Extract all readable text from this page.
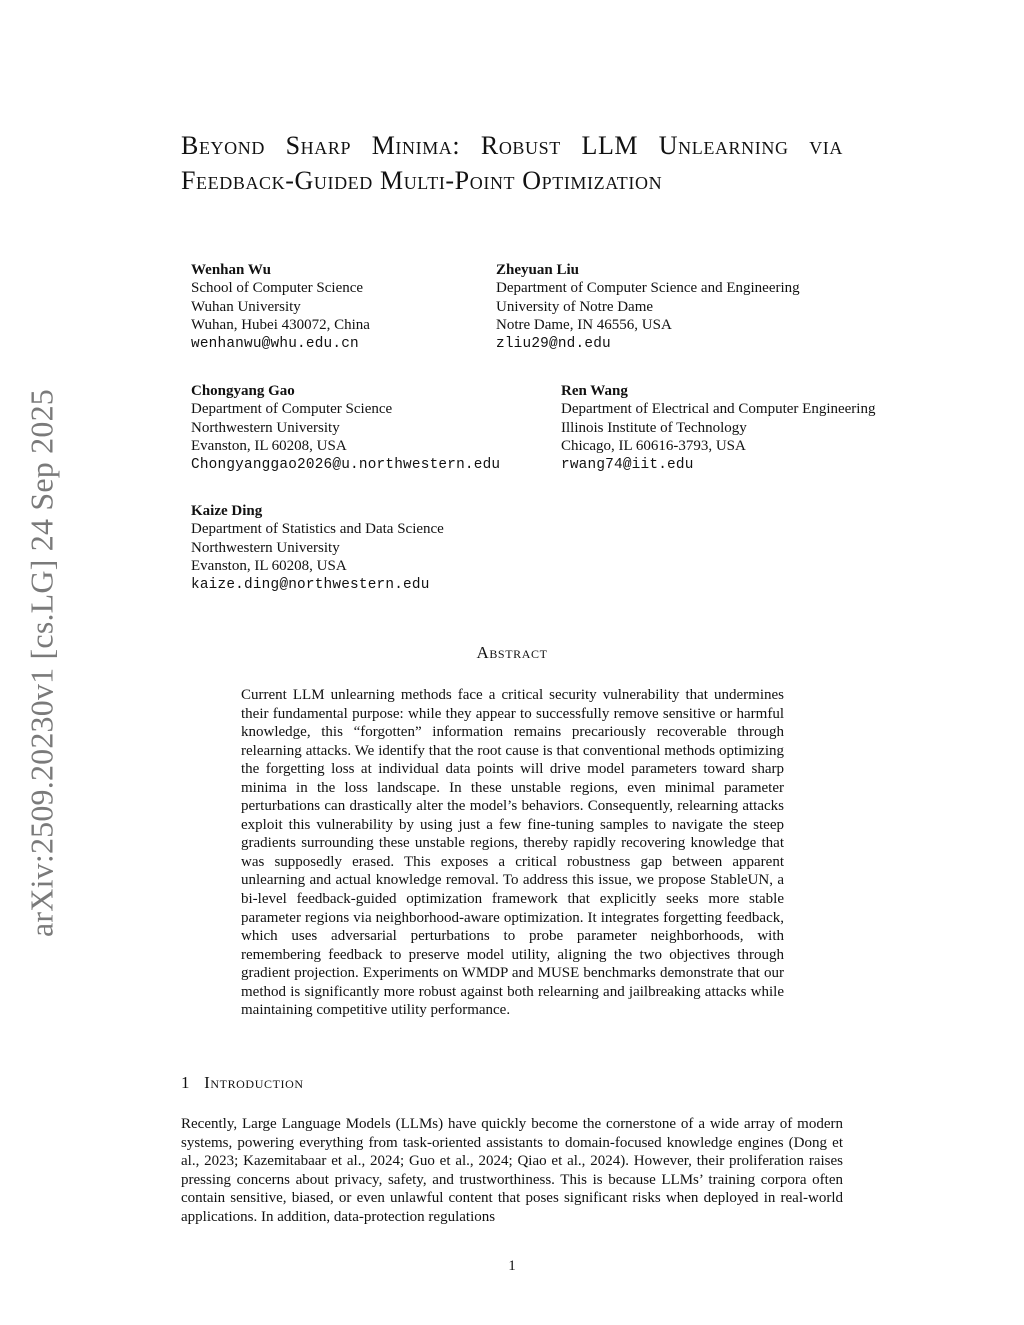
arXiv:2509.20230v1 [cs.LG] 24 Sep 2025
Beyond Sharp Minima: Robust LLM Unlearning via Feedback-Guided Multi-Point Optimization
Wenhan Wu
School of Computer Science
Wuhan University
Wuhan, Hubei 430072, China
wenhanwu@whu.edu.cn
Zheyuan Liu
Department of Computer Science and Engineering
University of Notre Dame
Notre Dame, IN 46556, USA
zliu29@nd.edu
Chongyang Gao
Department of Computer Science
Northwestern University
Evanston, IL 60208, USA
Chongyanggao2026@u.northwestern.edu
Ren Wang
Department of Electrical and Computer Engineering
Illinois Institute of Technology
Chicago, IL 60616-3793, USA
rwang74@iit.edu
Kaize Ding
Department of Statistics and Data Science
Northwestern University
Evanston, IL 60208, USA
kaize.ding@northwestern.edu
Abstract

Current LLM unlearning methods face a critical security vulnerability that undermines their fundamental purpose: while they appear to successfully remove sensitive or harmful knowledge, this “forgotten” information remains precariously recoverable through relearning attacks. We identify that the root cause is that conventional methods optimizing the forgetting loss at individual data points will drive model parameters toward sharp minima in the loss landscape. In these unstable regions, even minimal parameter perturbations can drastically alter the model’s behaviors. Consequently, relearning attacks exploit this vulnerability by using just a few fine-tuning samples to navigate the steep gradients surrounding these unstable regions, thereby rapidly recovering knowledge that was supposedly erased. This exposes a critical robustness gap between apparent unlearning and actual knowledge removal. To address this issue, we propose StableUN, a bi-level feedback-guided optimization framework that explicitly seeks more stable parameter regions via neighborhood-aware optimization. It integrates forgetting feedback, which uses adversarial perturbations to probe parameter neighborhoods, with remembering feedback to preserve model utility, aligning the two objectives through gradient projection. Experiments on WMDP and MUSE benchmarks demonstrate that our method is significantly more robust against both relearning and jailbreaking attacks while maintaining competitive utility performance.

1 Introduction

Recently, Large Language Models (LLMs) have quickly become the cornerstone of a wide array of modern systems, powering everything from task-oriented assistants to domain-focused knowledge engines (Dong et al., 2023; Kazemitabaar et al., 2024; Guo et al., 2024; Qiao et al., 2024). However, their proliferation raises pressing concerns about privacy, safety, and trustworthiness. This is because LLMs’ training corpora often contain sensitive, biased, or even unlawful content that poses significant risks when deployed in real-world applications. In addition, data-protection regulations

1
